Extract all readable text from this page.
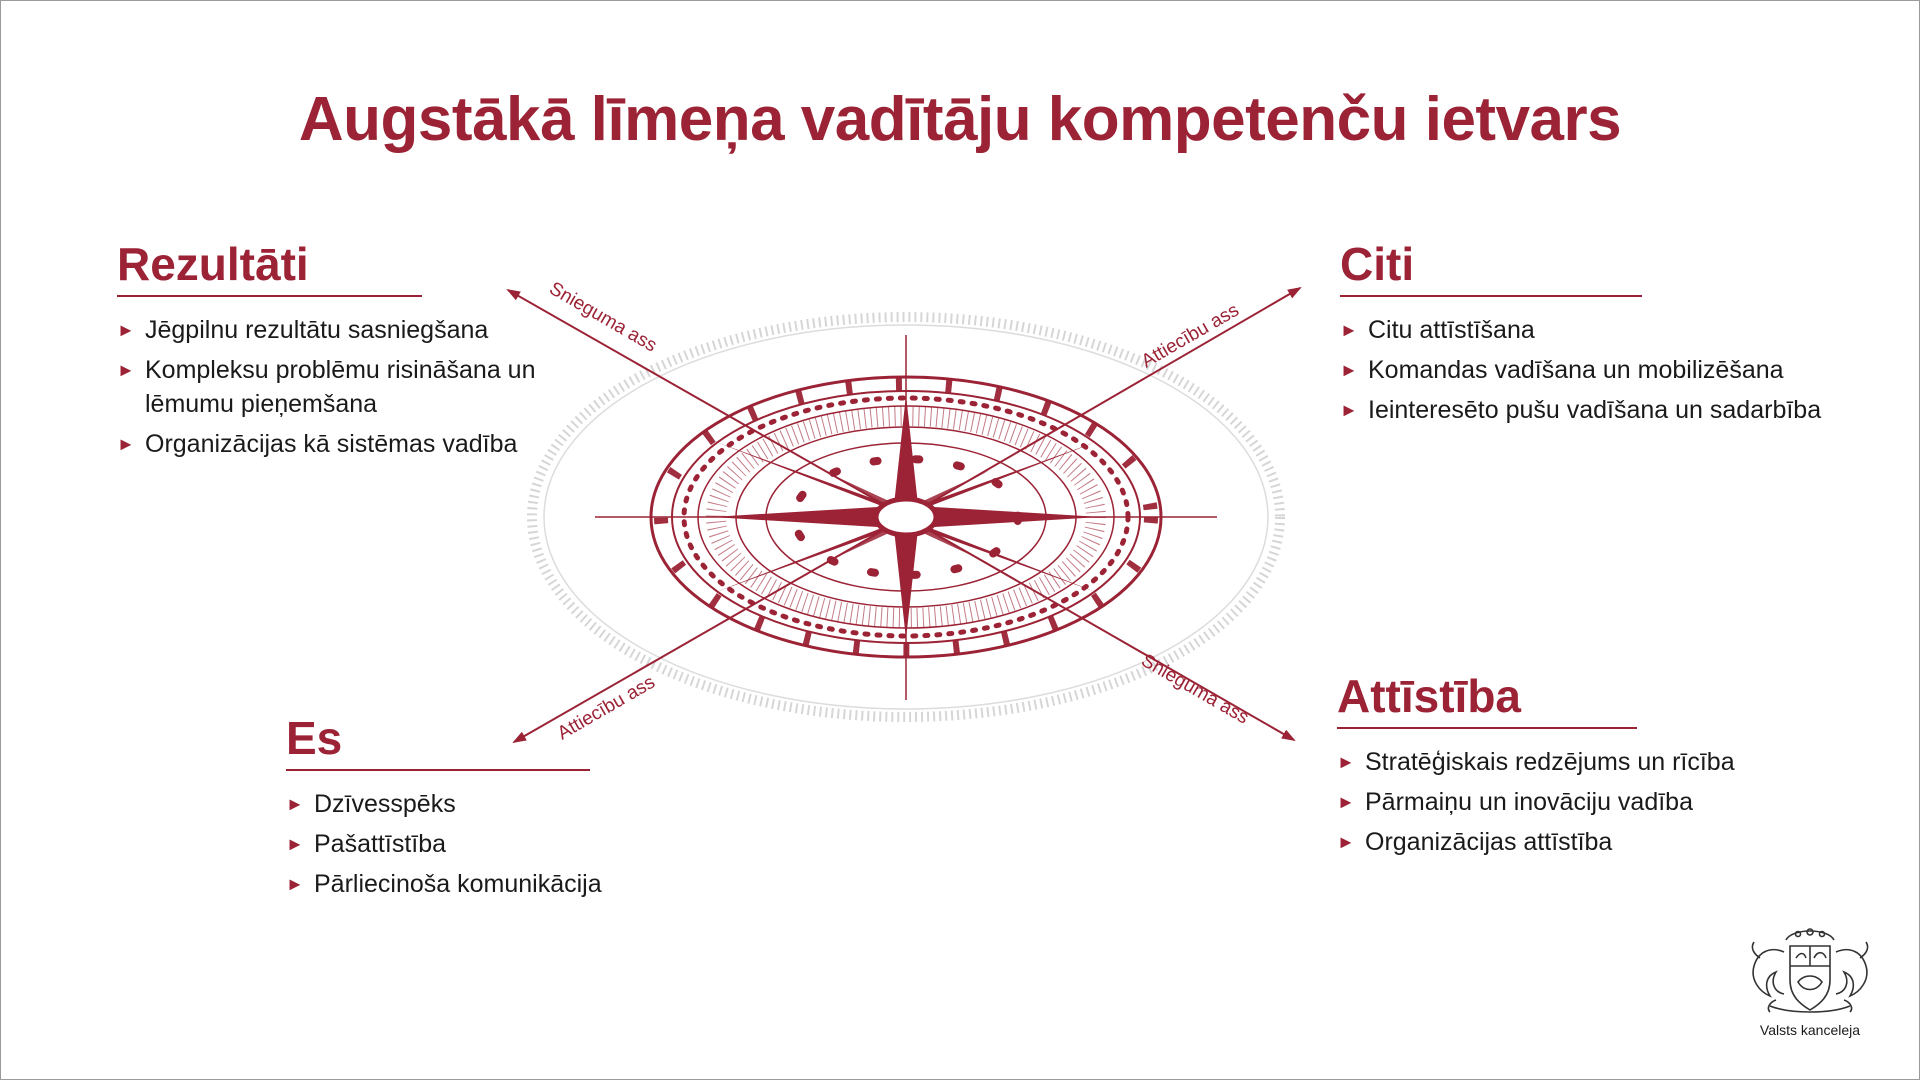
Augstākā līmeņa vadītāju kompetenču ietvars
Snieguma ass
Snieguma ass
Attiecību ass
Attiecību ass
Rezultāti
► Jēgpilnu rezultātu sasniegšana
► Kompleksu problēmu risināšana un lēmumu pieņemšana
► Organizācijas kā sistēmas vadība
Citi
► Citu attīstīšana
► Komandas vadīšana un mobilizēšana
► Ieinteresēto pušu vadīšana un sadarbība
Es
► Dzīvesspēks
► Pašattīstība
► Pārliecinoša komunikācija
Attīstība
► Stratēģiskais redzējums un rīcība
► Pārmaiņu un inovāciju vadība
► Organizācijas attīstība
Valsts kanceleja
